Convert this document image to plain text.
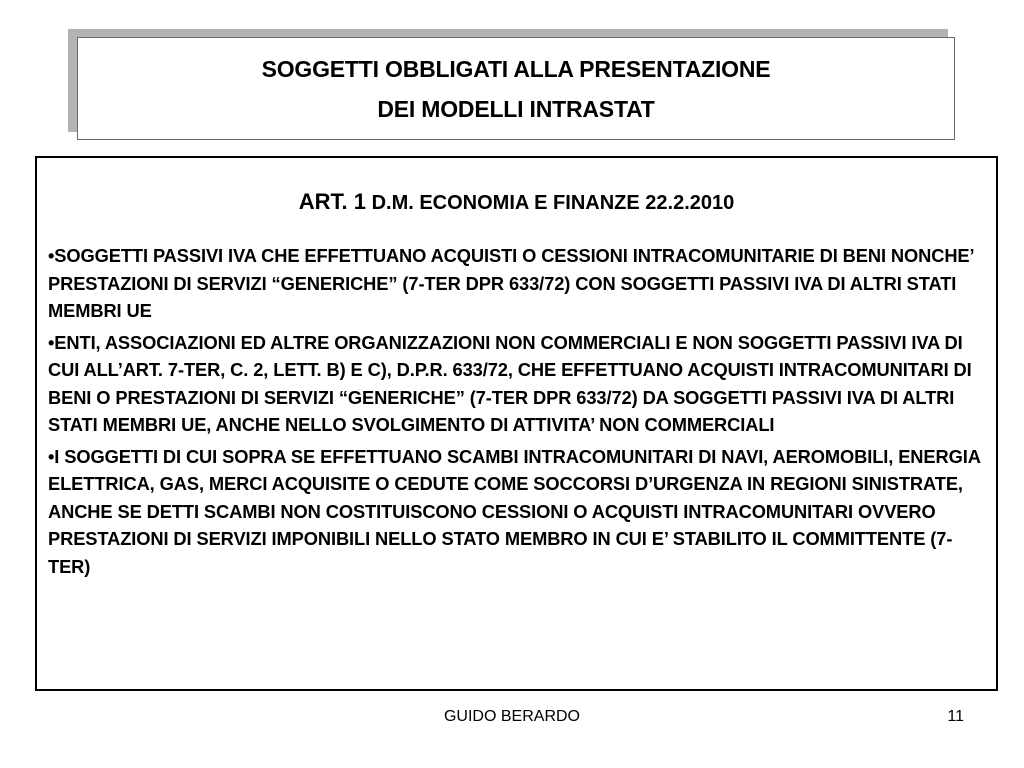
SOGGETTI OBBLIGATI ALLA PRESENTAZIONE
DEI MODELLI INTRASTAT
ART. 1 D.M. ECONOMIA E FINANZE 22.2.2010
•SOGGETTI PASSIVI IVA CHE EFFETTUANO ACQUISTI O CESSIONI INTRACOMUNITARIE DI BENI NONCHE’ PRESTAZIONI DI SERVIZI “GENERICHE” (7-TER DPR 633/72) CON SOGGETTI PASSIVI IVA DI ALTRI STATI MEMBRI UE
•ENTI, ASSOCIAZIONI ED ALTRE ORGANIZZAZIONI NON COMMERCIALI E NON SOGGETTI PASSIVI IVA DI CUI ALL’ART. 7-TER, C. 2, LETT. B) E C), D.P.R. 633/72, CHE EFFETTUANO ACQUISTI INTRACOMUNITARI DI BENI O PRESTAZIONI DI SERVIZI “GENERICHE” (7-TER DPR 633/72) DA SOGGETTI PASSIVI IVA DI ALTRI STATI MEMBRI UE, ANCHE NELLO SVOLGIMENTO DI ATTIVITA’ NON COMMERCIALI
•I SOGGETTI DI CUI SOPRA SE EFFETTUANO SCAMBI INTRACOMUNITARI DI NAVI, AEROMOBILI, ENERGIA ELETTRICA, GAS, MERCI ACQUISITE O CEDUTE COME SOCCORSI D’URGENZA IN REGIONI SINISTRATE, ANCHE SE DETTI SCAMBI NON COSTITUISCONO CESSIONI O ACQUISTI INTRACOMUNITARI OVVERO PRESTAZIONI DI SERVIZI IMPONIBILI NELLO STATO MEMBRO IN CUI E’ STABILITO IL COMMITTENTE (7-TER)
GUIDO BERARDO	11
